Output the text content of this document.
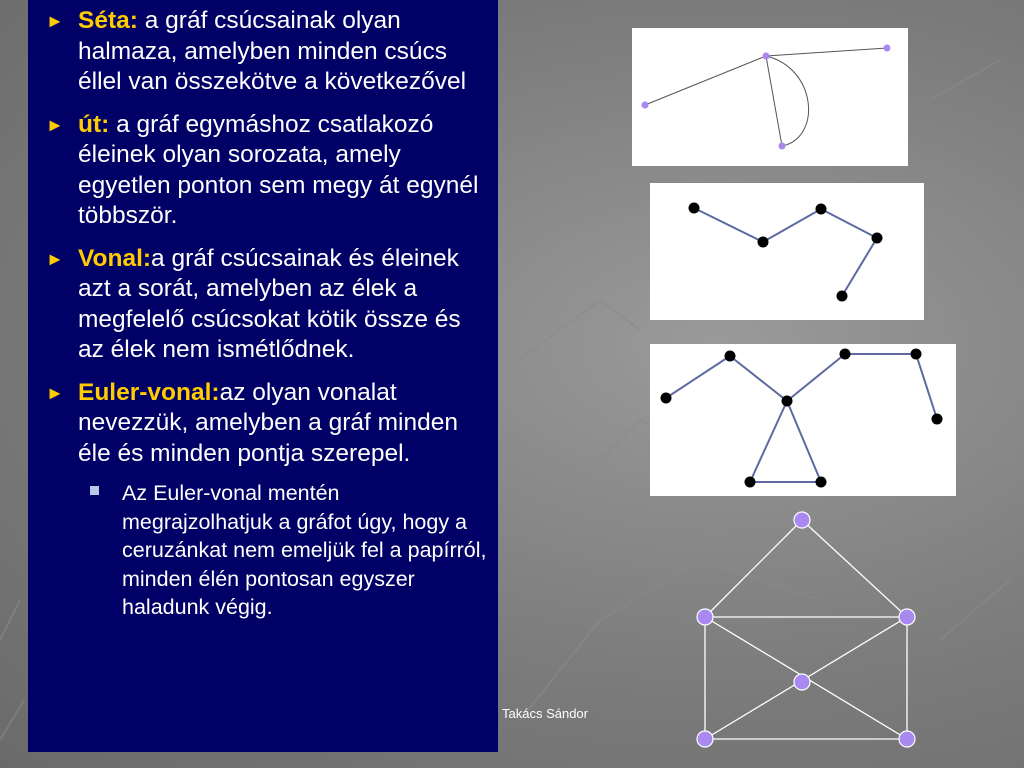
► Séta: a gráf csúcsainak olyan halmaza, amelyben minden csúcs éllel van összekötve a következővel
► út: a gráf egymáshoz csatlakozó éleinek olyan sorozata, amely egyetlen ponton sem megy át egynél többször.
► Vonal:a gráf csúcsainak és éleinek azt a sorát, amelyben az élek a megfelelő csúcsokat kötik össze és az élek nem ismétlődnek.
► Euler-vonal:az olyan vonalat nevezzük, amelyben a gráf minden éle és minden pontja szerepel.
Az Euler-vonal mentén megrajzolhatjuk a gráfot úgy, hogy a ceruzánkat nem emeljük fel a papírról, minden élén pontosan egyszer haladunk végig.
Takács Sándor
